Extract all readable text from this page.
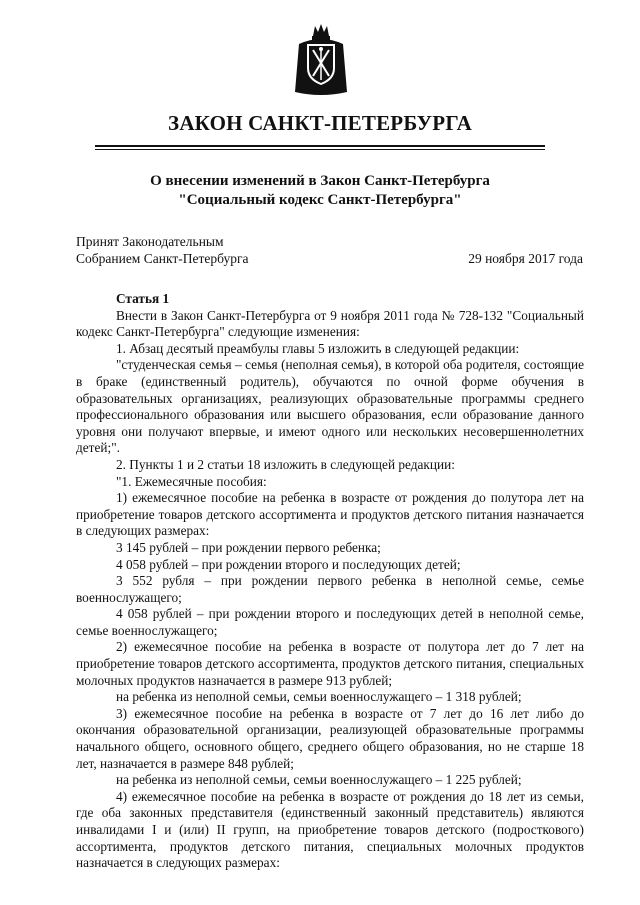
ЗАКОН САНКТ-ПЕТЕРБУРГА
О внесении изменений в Закон Санкт-Петербурга
"Социальный кодекс Санкт-Петербурга"
Принят Законодательным
Собранием Санкт-Петербурга	29 ноября 2017 года

Статья 1

Внести в Закон Санкт-Петербурга от 9 ноября 2011 года № 728-132 "Социальный кодекс Санкт-Петербурга" следующие изменения:

1. Абзац десятый преамбулы главы 5 изложить в следующей редакции:

"студенческая семья – семья (неполная семья), в которой оба родителя, состоящие в браке (единственный родитель), обучаются по очной форме обучения в образовательных организациях, реализующих образовательные программы среднего профессионального образования или высшего образования, если образование данного уровня они получают впервые, и имеют одного или нескольких несовершеннолетних детей;".

2. Пункты 1 и 2 статьи 18 изложить в следующей редакции:

"1. Ежемесячные пособия:

1) ежемесячное пособие на ребенка в возрасте от рождения до полутора лет на приобретение товаров детского ассортимента и продуктов детского питания назначается в следующих размерах:

3 145 рублей – при рождении первого ребенка;

4 058 рублей – при рождении второго и последующих детей;

3 552 рубля – при рождении первого ребенка в неполной семье, семье военнослужащего;

4 058 рублей – при рождении второго и последующих детей в неполной семье, семье военнослужащего;

2) ежемесячное пособие на ребенка в возрасте от полутора лет до 7 лет на приобретение товаров детского ассортимента, продуктов детского питания, специальных молочных продуктов назначается в размере 913 рублей;

на ребенка из неполной семьи, семьи военнослужащего – 1 318 рублей;

3) ежемесячное пособие на ребенка в возрасте от 7 лет до 16 лет либо до окончания образовательной организации, реализующей образовательные программы начального общего, основного общего, среднего общего образования, но не старше 18 лет, назначается в размере 848 рублей;

на ребенка из неполной семьи, семьи военнослужащего – 1 225 рублей;

4) ежемесячное пособие на ребенка в возрасте от рождения до 18 лет из семьи, где оба законных представителя (единственный законный представитель) являются инвалидами I и (или) II групп, на приобретение товаров детского (подросткового) ассортимента, продуктов детского питания, специальных молочных продуктов назначается в следующих размерах:
